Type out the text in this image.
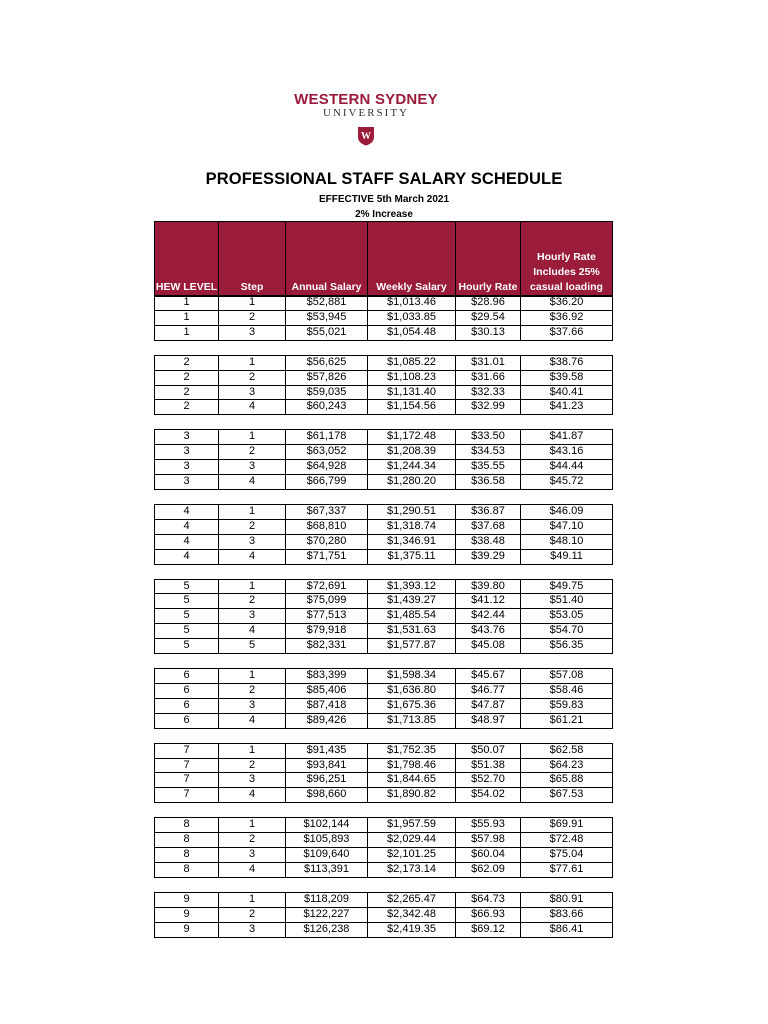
WESTERN SYDNEY
UNIVERSITY
W
PROFESSIONAL STAFF SALARY SCHEDULE
EFFECTIVE 5th March 2021
2% Increase
HEW LEVEL	Step	Annual Salary	Weekly Salary	Hourly Rate	Hourly Rate Includes 25% casual loading
1	1	$52,881	$1,013.46	$28.96	$36.20
1	2	$53,945	$1,033.85	$29.54	$36.92
1	3	$55,021	$1,054.48	$30.13	$37.66
2	1	$56,625	$1,085.22	$31.01	$38.76
2	2	$57,826	$1,108.23	$31.66	$39.58
2	3	$59,035	$1,131.40	$32.33	$40.41
2	4	$60,243	$1,154.56	$32.99	$41.23
3	1	$61,178	$1,172.48	$33.50	$41.87
3	2	$63,052	$1,208.39	$34.53	$43.16
3	3	$64,928	$1,244.34	$35.55	$44.44
3	4	$66,799	$1,280.20	$36.58	$45.72
4	1	$67,337	$1,290.51	$36.87	$46.09
4	2	$68,810	$1,318.74	$37.68	$47.10
4	3	$70,280	$1,346.91	$38.48	$48.10
4	4	$71,751	$1,375.11	$39.29	$49.11
5	1	$72,691	$1,393.12	$39.80	$49.75
5	2	$75,099	$1,439.27	$41.12	$51.40
5	3	$77,513	$1,485.54	$42.44	$53.05
5	4	$79,918	$1,531.63	$43.76	$54.70
5	5	$82,331	$1,577.87	$45.08	$56.35
6	1	$83,399	$1,598.34	$45.67	$57.08
6	2	$85,406	$1,636.80	$46.77	$58.46
6	3	$87,418	$1,675.36	$47.87	$59.83
6	4	$89,426	$1,713.85	$48.97	$61.21
7	1	$91,435	$1,752.35	$50.07	$62.58
7	2	$93,841	$1,798.46	$51.38	$64.23
7	3	$96,251	$1,844.65	$52.70	$65.88
7	4	$98,660	$1,890.82	$54.02	$67.53
8	1	$102,144	$1,957.59	$55.93	$69.91
8	2	$105,893	$2,029.44	$57.98	$72.48
8	3	$109,640	$2,101.25	$60.04	$75.04
8	4	$113,391	$2,173.14	$62.09	$77.61
9	1	$118,209	$2,265.47	$64.73	$80.91
9	2	$122,227	$2,342.48	$66.93	$83.66
9	3	$126,238	$2,419.35	$69.12	$86.41
